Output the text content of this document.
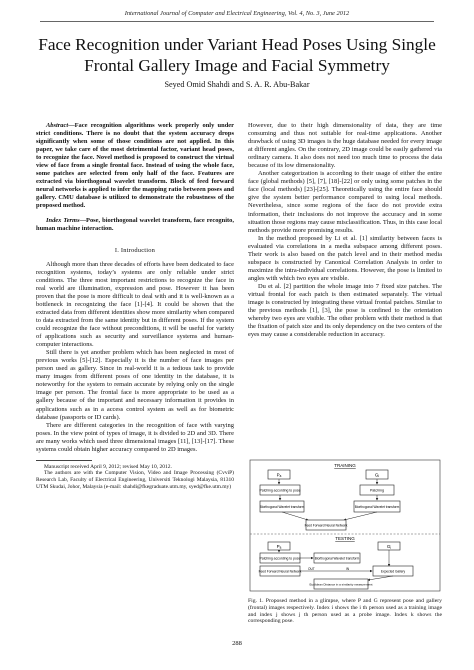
International Journal of Computer and Electrical Engineering, Vol. 4, No. 3, June 2012
Face Recognition under Variant Head Poses Using Single
Frontal Gallery Image and Facial Symmetry
Seyed Omid Shahdi and S. A. R. Abu-Bakar

Abstract—Face recognition algorithms work properly only under strict conditions. There is no doubt that the system accuracy drops significantly when some of those conditions are not applied. In this paper, we take care of the most detrimental factor, variant head poses, to recognize the face. Novel method is proposed to construct the virtual view of face from a single frontal face. Instead of using the whole face, some patches are selected from only half of the face. Features are extracted via biorthogonal wavelet transform. Block of feed forward neural networks is applied to infer the mapping ratio between poses and gallery. CMU database is utilized to demonstrate the robustness of the proposed method.

Index Terms—Pose, biorthogonal wavelet transform, face recognito, human machine interaction.

I. Introduction

Although more than three decades of efforts have been dedicated to face recognition systems, today’s systems are only reliable under strict conditions. The three most important restrictions to recognize the face in real world are illumination, expression and pose. However it has been proven that the pose is more difficult to deal with and it is well-known as a bottleneck in recognizing the face [1]-[4]. It could be shown that the extracted data from different identities show more similarity when compared to data extracted from the same identity but in different poses. If the system could recognize the face without preconditions, it will be useful for variety of applications such as security and surveillance systems and human-computer interactions.

Still there is yet another problem which has been neglected in most of previous works [5]-[12]. Especially it is the number of face images per person used as gallery. Since in real-world it is a tedious task to provide many images from different poses of one identity in the database, it is noteworthy for the system to remain accurate by relying only on the single image per person. The frontal face is more appropriate to be used as a gallery because of the important and necessary information it provides in applications such as in a access control system as well as for biometric database (passports or ID cards).

There are different categories in the recognition of face with varying poses. In the view point of types of image, it is divided to 2D and 3D. There are many works which used three dimensional images [11], [13]-[17]. These systems could obtain higher accuracy compared to 2D images.

Manuscript received April 9, 2012; revised May 10, 2012.

The authors are with the Computer Vision, Video and Image Processing (CvviP) Research Lab, Faculty of Electrical Engineering, Universiti Teknologi Malaysia, 81310 UTM Skudai, Johor, Malaysia (e-mail: shahdi@fkegraduate.utm.my, syed@fke.utm.my)

However, due to their high dimensionality of data, they are time consuming and thus not suitable for real-time applications. Another drawback of using 3D images is the huge database needed for every image at different angles. On the contrary, 2D image could be easily gathered via ordinary camera. It also does not need too much time to process the data because of its low dimensionality.

Another categorization is according to their usage of either the entire face (global methods) [5], [7], [18]-[22] or only using some patches in the face (local methods) [23]-[25]. Theoretically using the entire face should give the system better performance compared to using local methods. Nevertheless, since some regions of the face do not provide extra information, their inclusions do not improve the accuracy and in some situation those regions may cause misclassification. Thus, in this case local methods provide more promising results.

In the method proposed by Li et al. [1] similarity between faces is evaluated via correlations in a media subspace among different poses. Their work is also based on the patch level and in their method media subspace is constructed by Canonical Correlation Analysis in order to maximize the intra-individual correlations. However, the pose is limited to angles with which two eyes are visible.

Du et al. [2] partition the whole image into 7 fixed size patches. The virtual frontal for each patch is then estimated separately. The virtual image is constructed by integrating these virtual frontal patches. Similar to the previous methods [1], [3], the pose is confined to the orientation whereby two eyes are visible. The other problem with their method is that the fixation of patch size and its only dependency on the two centers of the eyes may cause a considerable reduction in accuracy.

TRAINING
Pₐ	Gⱼ
Patching according to pose	Patching
Biorthogonal Wavelet transform	Biorthogonal Wavelet transform
Feed Forward Neural Network
TESTING
Pₐ	Gⱼ
Patching according to pose	Biorthogonal Wavelet transform
Feed Forward Neural Network
OUT	IN
Expected Gallery
Euclidean Distance in a similarity measurement
Fig. 1. Proposed method in a glimpse, where P and G represent pose and gallery (frontal) images respectively. Index i shows the i th person used as a training image and index j shows j th person used as a probe image. Index k shows the corresponding pose.
288
